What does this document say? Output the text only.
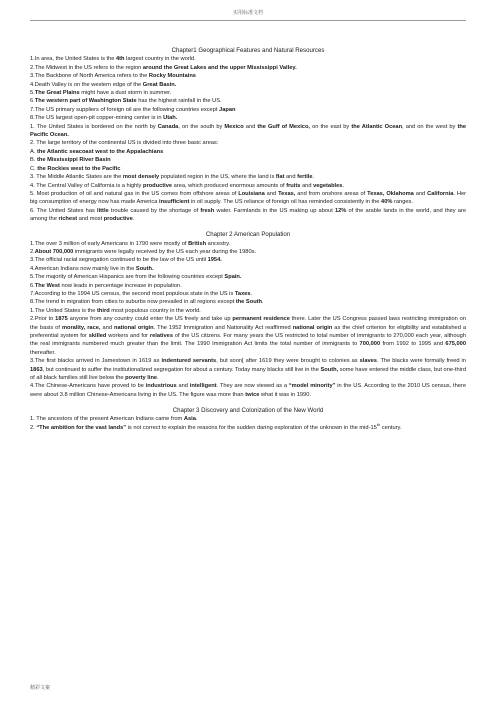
实用标准文档
Chapter1 Geographical Features and Natural Resources

1.In area, the United States is the 4th largest country in the world.

2.The Midwest in the US refers to the region around the Great Lakes and the upper Mississippi Valley.

3.The Backbone of North America refers to the Rocky Mountains

4.Death Valley is on the western edge of the Great Basin.

5.The Great Plains might have a dust storm in summer.

6.The western part of Washington State has the highest rainfall in the US.

7.The US primary suppliers of foreign oil are the following countries except Japan

8.The US largest open-pit copper-mining center is in Utah.

1. The United States is bordered on the north by Canada, on the south by Mexico and the Guff of Mexico, on the east by the Atlantic Ocean, and on the west by the Pacific Ocean.

2. The large territory of the continental US is divided into three basic areas:

A. the Atlantic seacoast west to the Appalachians

B. the Mississippi River Basin

C. the Rockies west to the Pacific

3. The Middle Atlantic States are the most densely populated region in the US, where the land is flat and fertile.

4. The Central Valley of California is a highly productive area, which produced enormous amounts of fruits and vegetables.

5. Most production of oil and natural gas in the US comes from offshore areas of Louisiana and Texas, and from onshore areas of Texas, Oklahoma and California. Her big consumption of energy now has made America insufficient in oil supply. The US reliance of foreign oil has reminded consistently in the 40% ranges.

6. The United States has little trouble caused by the shortage of fresh water. Farmlands in the US making up about 12% of the arable lands in the world, and they are among the richest and most productive.

Chapter 2 American Population

1.The over 3 million of early Americans in 1790 were mostly of British ancestry.

2.About 700,000 immigrants were legally received by the US each year during the 1980s.

3.The official racial segregation continued to be the law of the US until 1954.

4.American Indians now mainly live in the South.

5.The majority of American Hispanics are from the following countries except Spain.

6.The West now leads in percentage increase in population.

7.According to the 1994 US census, the second most populous state in the US is Taxes.

8.The trend in migration from cities to suburbs now prevailed in all regions except the South.

1.The United States is the third most populous country in the world.

2.Prior to 1875 anyone from any country could enter the US freely and take up permanent residence there. Later the US Congress passed laws restricting immigration on the basis of morality, race, and national origin. The 1952 Immigration and Nationality Act reaffirmed national origin as the chief criterion for eligibility and established a preferential system for skilled workers and for relatives of the US citizens. For many years the US restricted to total number of immigrants to 270,000 each year, although the real immigrants numbered much greater than the limit. The 1990 Immigration Act limits the total number of immigrants to 700,000 from 1992 to 1995 and 675,000 thereafter.

3.The first blacks arrived in Jamestown in 1619 as indentured servants, but soon[ after 1619 they were brought to colonies as slaves. The blacks were formally freed in 1863, but continued to suffer the institutionalized segregation for about a century. Today many blacks still live in the South, some have entered the middle class, but one-third of all black families still live below the poverty line.

4.The Chinese-Americans have proved to be industrious and intelligent. They are now viewed as a “model minority” in the US. According to the 2010 US census, there were about 3.8 million Chinese-Americans living in the US. The figure was more than twice what it was in 1990.

Chapter 3 Discovery and Colonization of the New World

1. The ancestors of the present American Indians came from Asia.

2. “The ambition for the vast lands” is not correct to explain the reasons for the sudden daring exploration of the unknown in the mid-15th century.

精彩文案
